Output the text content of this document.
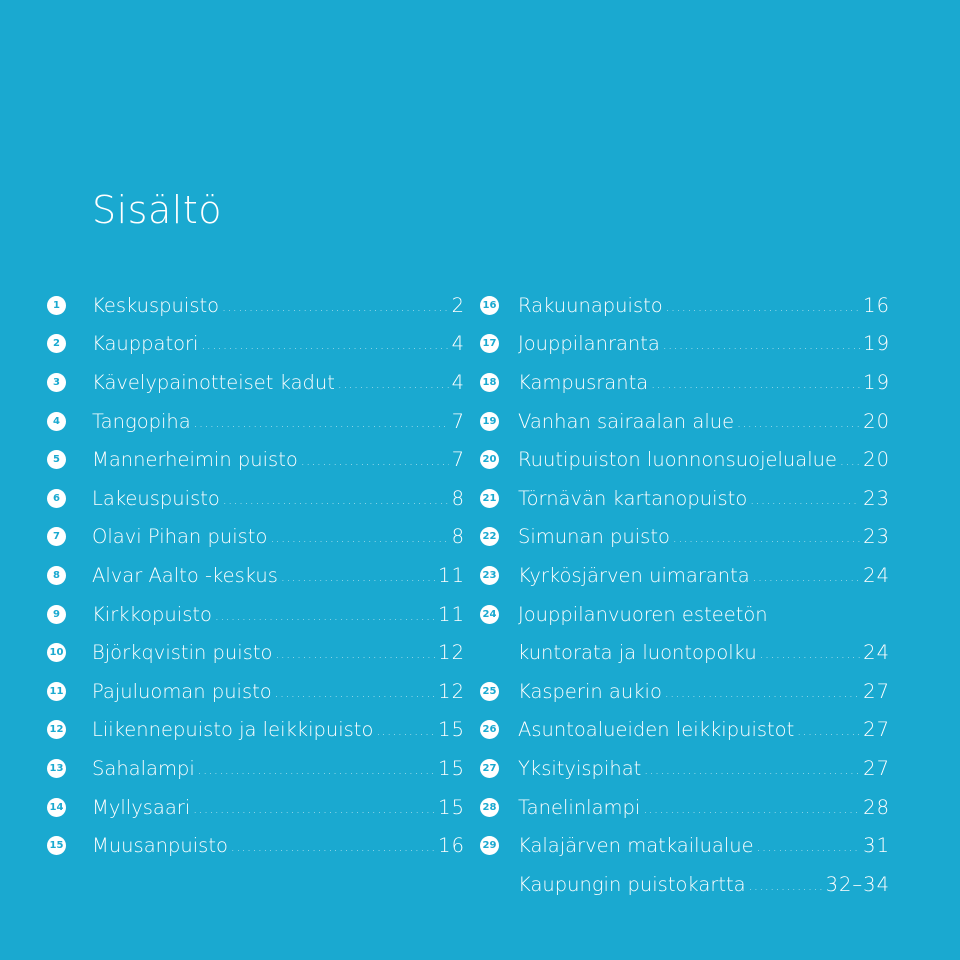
Sisältö
1	Keskuspuisto .....	2
2	Kauppatori .....	4
3	Kävelypainotteiset kadut .....	4
4	Tangopiha .....	7
5	Mannerheimin puisto .....	7
6	Lakeuspuisto .....	8
7	Olavi Pihan puisto .....	8
8	Alvar Aalto -keskus .....	11
9	Kirkkopuisto .....	11
10 Björkqvistin puisto .....	12
11 Pajuluoman puisto .....	12
12 Liikennepuisto ja leikkipuisto .....	15
13 Sahalampi .....	15
14 Myllysaari .....	15
15 Muusanpuisto .....	16
16 Rakuunapuisto .....	16
17 Jouppilanranta .....	19
18 Kampusranta .....	19
19 Vanhan sairaalan alue .....	20
20 Ruutipuiston luonnonsuojelualue ..... 20
21 Törnävän kartanopuisto .....	23
22 Simunan puisto .....	23
23 Kyrkösjärven uimaranta .....	24
24 Jouppilanvuoren esteetön
kuntorata ja luontopolku .....	24
25 Kasperin aukio .....	27
26 Asuntoalueiden leikkipuistot .....	27
27 Yksityispihat .....	27
28 Tanelinlampi .....	28
29 Kalajärven matkailualue .....	31
Kaupungin puistokartta .....	32–34
